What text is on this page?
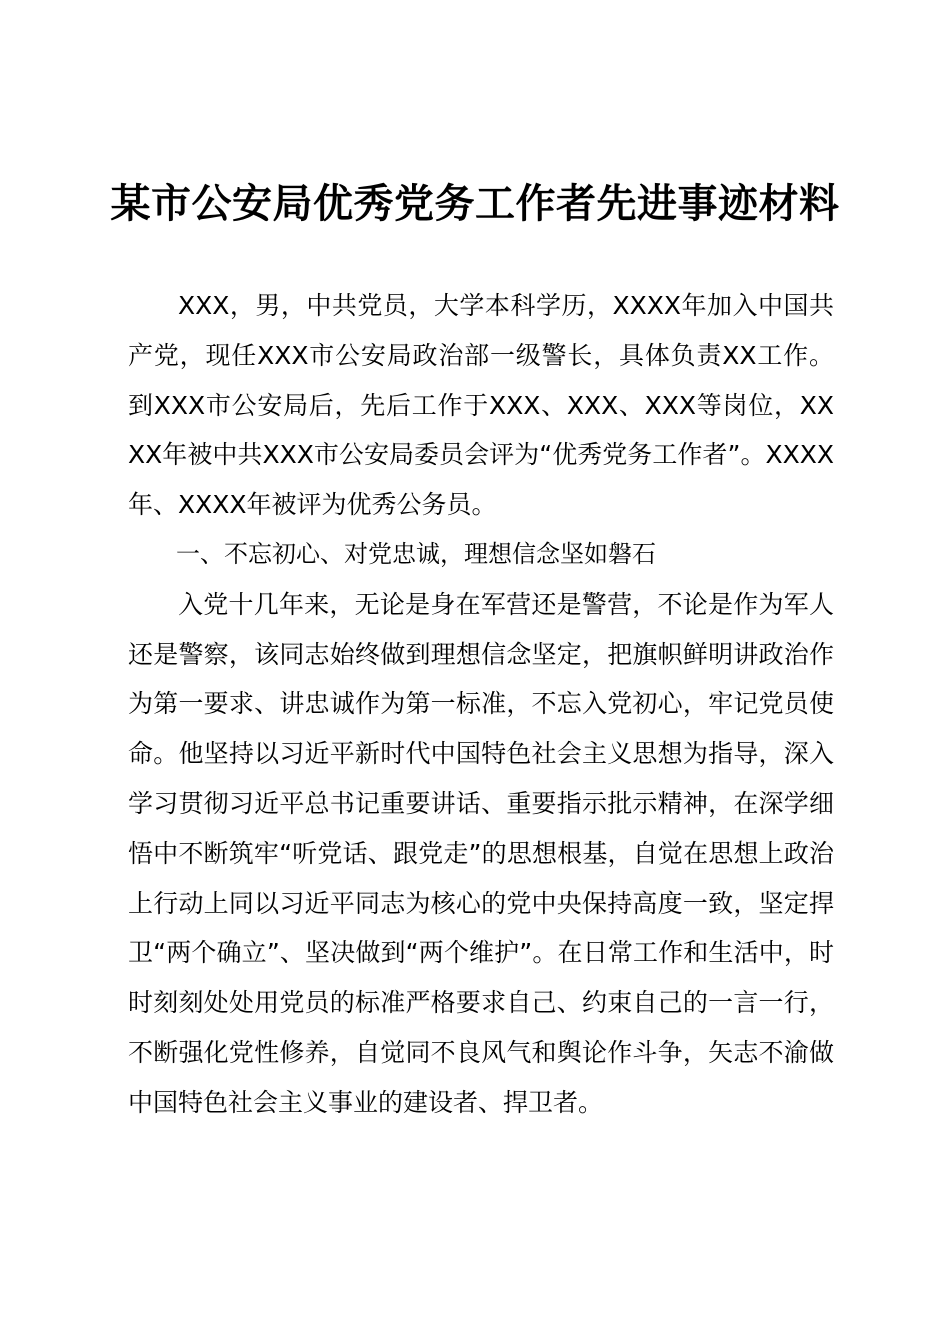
某市公安局优秀党务工作者先进事迹材料

XXX，男，中共党员，大学本科学历，XXXX年加入中国共产党，现任XXX市公安局政治部一级警长，具体负责XX工作。到XXX市公安局后，先后工作于XXX、XXX、XXX等岗位，XXXX年被中共XXX市公安局委员会评为“优秀党务工作者”。XXXX年、XXXX年被评为优秀公务员。

一、不忘初心、对党忠诚，理想信念坚如磐石

入党十几年来，无论是身在军营还是警营，不论是作为军人还是警察，该同志始终做到理想信念坚定，把旗帜鲜明讲政治作为第一要求、讲忠诚作为第一标准，不忘入党初心，牢记党员使命。他坚持以习近平新时代中国特色社会主义思想为指导，深入学习贯彻习近平总书记重要讲话、重要指示批示精神，在深学细悟中不断筑牢“听党话、跟党走”的思想根基，自觉在思想上政治上行动上同以习近平同志为核心的党中央保持高度一致，坚定捍卫“两个确立”、坚决做到“两个维护”。在日常工作和生活中，时时刻刻处处用党员的标准严格要求自己、约束自己的一言一行，不断强化党性修养，自觉同不良风气和舆论作斗争，矢志不渝做中国特色社会主义事业的建设者、捍卫者。
